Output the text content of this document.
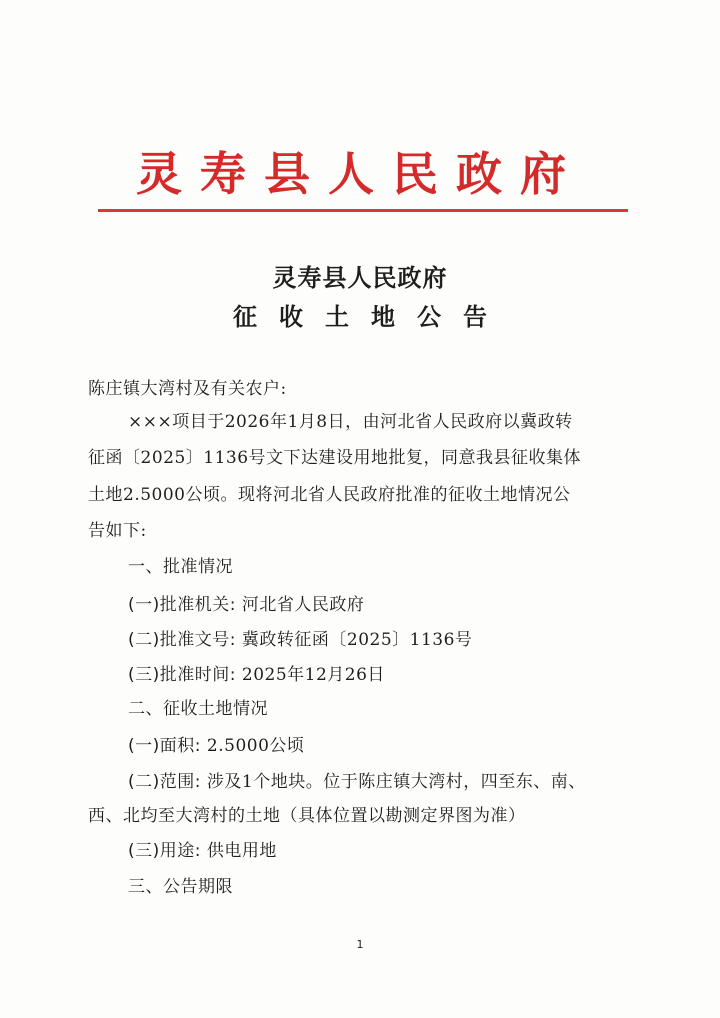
灵寿县人民政府
灵寿县人民政府
征收土地公告
陈庄镇大湾村及有关农户:
×××项目于2026年1月8日，由河北省人民政府以冀政转
征函〔2025〕1136号文下达建设用地批复，同意我县征收集体
土地2.5000公顷。现将河北省人民政府批准的征收土地情况公
告如下:
一、批准情况
(一)批准机关: 河北省人民政府
(二)批准文号: 冀政转征函〔2025〕1136号
(三)批准时间: 2025年12月26日
二、征收土地情况
(一)面积: 2.5000公顷
(二)范围: 涉及1个地块。位于陈庄镇大湾村，四至东、南、
西、北均至大湾村的土地（具体位置以勘测定界图为准）
(三)用途: 供电用地
三、公告期限
1
